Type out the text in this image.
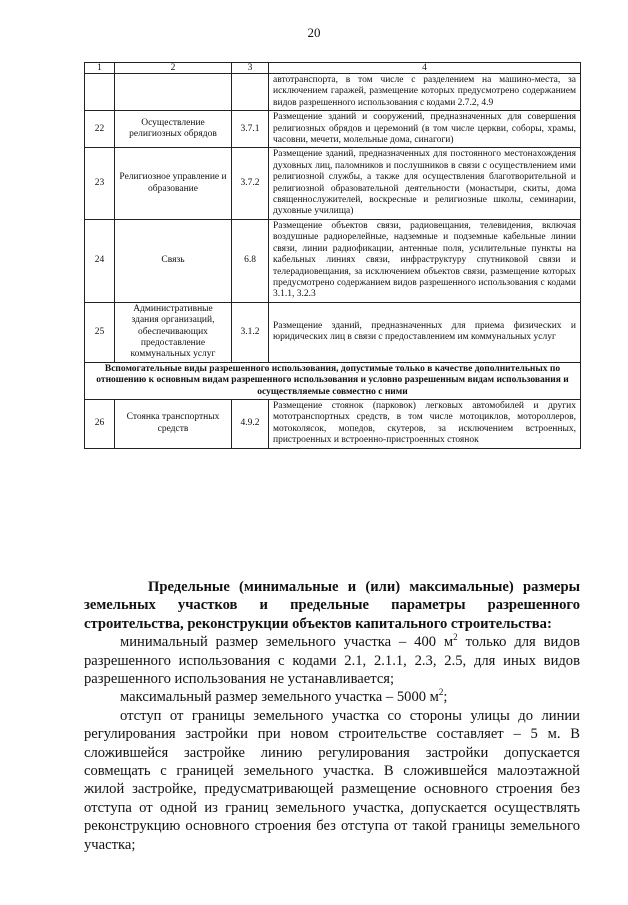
20
1	2	3	4
			автотранспорта, в том числе с разделением на машино-места, за исключением гаражей, размещение которых предусмотрено содержанием видов разрешенного использования с кодами 2.7.2, 4.9
22	Осуществление религиозных обрядов	3.7.1	Размещение зданий и сооружений, предназначенных для совершения религиозных обрядов и церемоний (в том числе церкви, соборы, храмы, часовни, мечети, молельные дома, синагоги)
23	Религиозное управление и образование	3.7.2	Размещение зданий, предназначенных для постоянного местонахождения духовных лиц, паломников и послушников в связи с осуществлением ими религиозной службы, а также для осуществления благотворительной и религиозной образовательной деятельности (монастыри, скиты, дома священнослужителей, воскресные и религиозные школы, семинарии, духовные училища)
24	Связь	6.8	Размещение объектов связи, радиовещания, телевидения, включая воздушные радиорелейные, надземные и подземные кабельные линии связи, линии радиофикации, антенные поля, усилительные пункты на кабельных линиях связи, инфраструктуру спутниковой связи и телерадиовещания, за исключением объектов связи, размещение которых предусмотрено содержанием видов разрешенного использования с кодами 3.1.1, 3.2.3
25	Административные здания организаций, обеспечивающих предоставление коммунальных услуг	3.1.2	Размещение зданий, предназначенных для приема физических и юридических лиц в связи с предоставлением им коммунальных услуг
Вспомогательные виды разрешенного использования, допустимые только в качестве дополнительных по отношению к основным видам разрешенного использования и условно разрешенным видам использования и осуществляемые совместно с ними			
26	Стоянка транспортных средств	4.9.2	Размещение стоянок (парковок) легковых автомобилей и других мототранспортных средств, в том числе мотоциклов, мотороллеров, мотоколясок, мопедов, скутеров, за исключением встроенных, пристроенных и встроенно-пристроенных стоянок

Предельные (минимальные и (или) максимальные) размеры земельных участков и предельные параметры разрешенного строительства, реконструкции объектов капитального строительства:

минимальный размер земельного участка – 400 $м^2$ только для видов разрешенного использования с кодами 2.1, 2.1.1, 2.3, 2.5, для иных видов разрешенного использования не устанавливается;

максимальный размер земельного участка – 5000 $м^2$;

отступ от границы земельного участка со стороны улицы до линии регулирования застройки при новом строительстве составляет – 5 м. В сложившейся застройке линию регулирования застройки допускается совмещать с границей земельного участка. В сложившейся малоэтажной жилой застройке, предусматривающей размещение основного строения без отступа от одной из границ земельного участка, допускается осуществлять реконструкцию основного строения без отступа от такой границы земельного участка;
